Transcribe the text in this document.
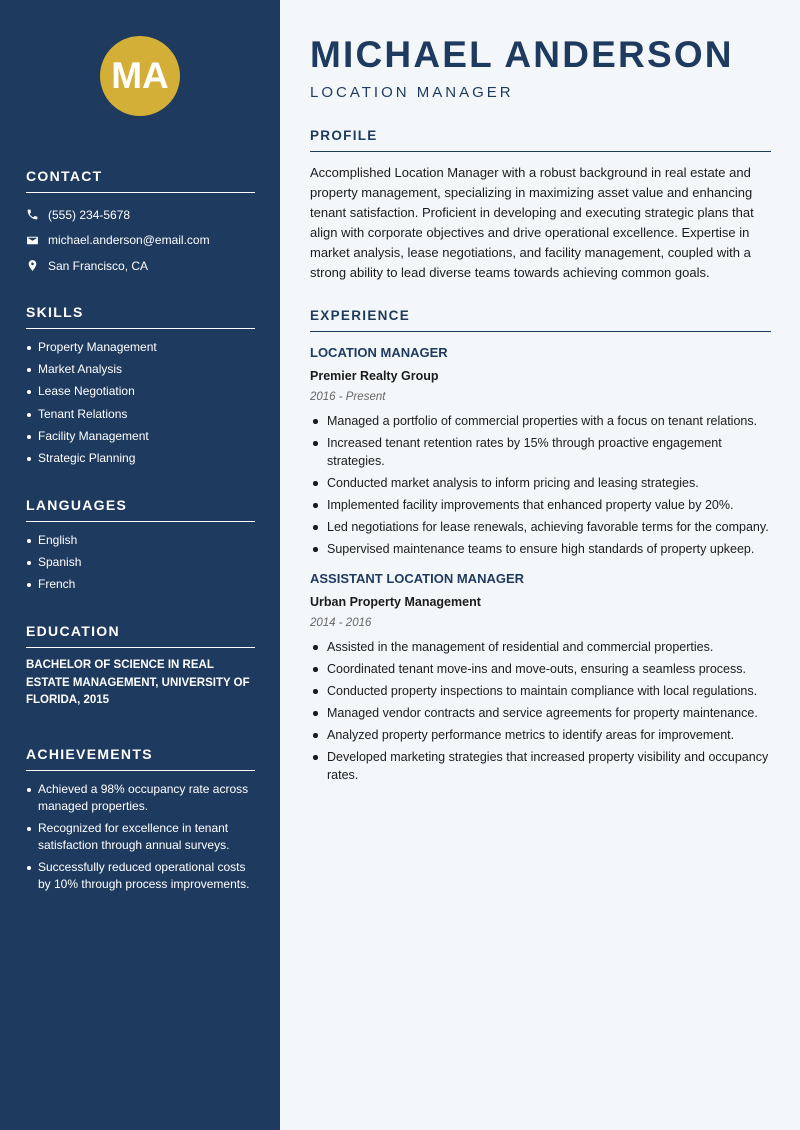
MA
CONTACT
(555) 234-5678
michael.anderson@email.com
San Francisco, CA
SKILLS
Property Management
Market Analysis
Lease Negotiation
Tenant Relations
Facility Management
Strategic Planning
LANGUAGES
English
Spanish
French
EDUCATION
BACHELOR OF SCIENCE IN REAL ESTATE MANAGEMENT, UNIVERSITY OF FLORIDA, 2015
ACHIEVEMENTS
Achieved a 98% occupancy rate across managed properties.
Recognized for excellence in tenant satisfaction through annual surveys.
Successfully reduced operational costs by 10% through process improvements.
MICHAEL ANDERSON
LOCATION MANAGER
PROFILE

Accomplished Location Manager with a robust background in real estate and property management, specializing in maximizing asset value and enhancing tenant satisfaction. Proficient in developing and executing strategic plans that align with corporate objectives and drive operational excellence. Expertise in market analysis, lease negotiations, and facility management, coupled with a strong ability to lead diverse teams towards achieving common goals.

EXPERIENCE
LOCATION MANAGER
Premier Realty Group
2016 - Present
Managed a portfolio of commercial properties with a focus on tenant relations.
Increased tenant retention rates by 15% through proactive engagement strategies.
Conducted market analysis to inform pricing and leasing strategies.
Implemented facility improvements that enhanced property value by 20%.
Led negotiations for lease renewals, achieving favorable terms for the company.
Supervised maintenance teams to ensure high standards of property upkeep.
ASSISTANT LOCATION MANAGER
Urban Property Management
2014 - 2016
Assisted in the management of residential and commercial properties.
Coordinated tenant move-ins and move-outs, ensuring a seamless process.
Conducted property inspections to maintain compliance with local regulations.
Managed vendor contracts and service agreements for property maintenance.
Analyzed property performance metrics to identify areas for improvement.
Developed marketing strategies that increased property visibility and occupancy rates.
